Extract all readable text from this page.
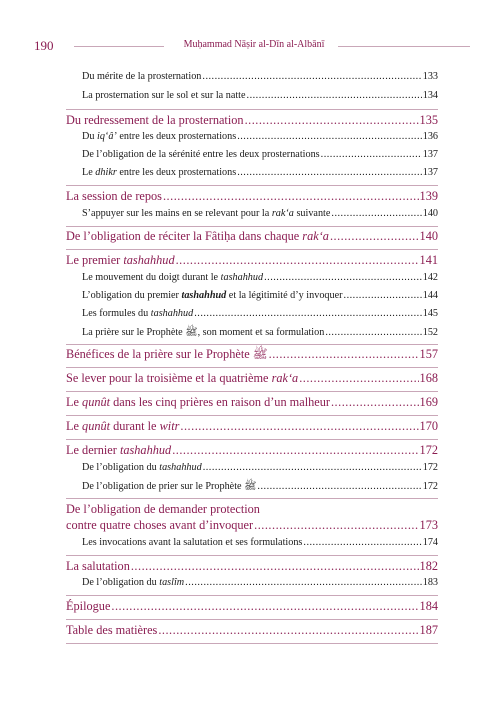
190	Muḥammad Nāṣir al-Dīn al-Albānī
Du mérite de la prosternation .....	133
La prosternation sur le sol et sur la natte .....	134
Du redressement de la prosternation .....	135
Du iq‘â’ entre les deux prosternations .....	136
De l’obligation de la sérénité entre les deux prosternations .....	137
Le dhikr entre les deux prosternations .....	137
La session de repos .....	139
S’appuyer sur les mains en se relevant pour la rak‘a suivante .....	140
De l’obligation de réciter la Fâtiḥa dans chaque rak‘a .....	140
Le premier tashahhud .....	141
Le mouvement du doigt durant le tashahhud .....	142
L’obligation du premier tashahhud et la légitimité d’y invoquer .....	144
Les formules du tashahhud .....	145
La prière sur le Prophète ﷺ, son moment et sa formulation .....	152
Bénéfices de la prière sur le Prophète ﷺ .....	157
Se lever pour la troisième et la quatrième rak‘a .....	168
Le qunût dans les cinq prières en raison d’un malheur .....	169
Le qunût durant le witr .....	170
Le dernier tashahhud .....	172
De l’obligation du tashahhud .....	172
De l’obligation de prier sur le Prophète ﷺ .....	172
De l’obligation de demander protection
contre quatre choses avant d’invoquer .....	173
Les invocations avant la salutation et ses formulations .....	174
La salutation .....	182
De l’obligation du taslîm .....	183
Épilogue .....	184
Table des matières .....	187
